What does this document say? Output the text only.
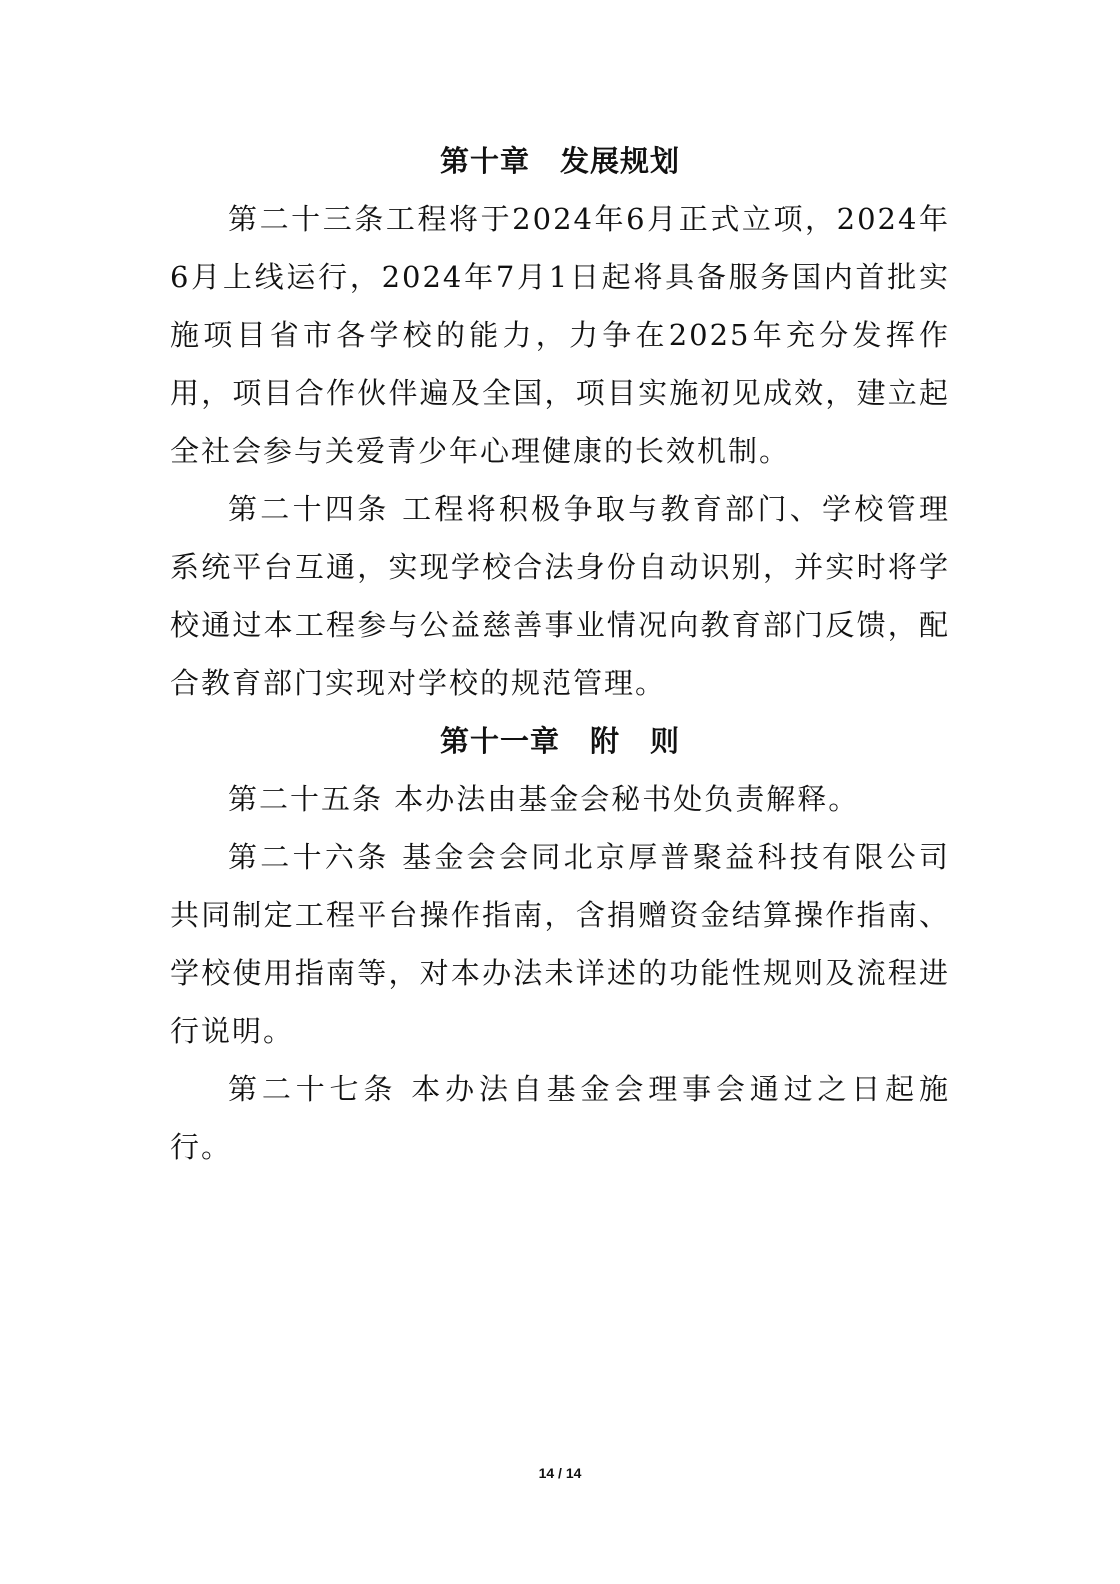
第十章　发展规划

第二十三条工程将于2024年6月正式立项，2024年6月上线运行，2024年7月1日起将具备服务国内首批实施项目省市各学校的能力，力争在2025年充分发挥作用，项目合作伙伴遍及全国，项目实施初见成效，建立起全社会参与关爱青少年心理健康的长效机制。

第二十四条 工程将积极争取与教育部门、学校管理系统平台互通，实现学校合法身份自动识别，并实时将学校通过本工程参与公益慈善事业情况向教育部门反馈，配合教育部门实现对学校的规范管理。

第十一章　附　则

第二十五条 本办法由基金会秘书处负责解释。

第二十六条 基金会会同北京厚普聚益科技有限公司共同制定工程平台操作指南，含捐赠资金结算操作指南、学校使用指南等，对本办法未详述的功能性规则及流程进行说明。

第二十七条 本办法自基金会理事会通过之日起施行。

14 / 14
